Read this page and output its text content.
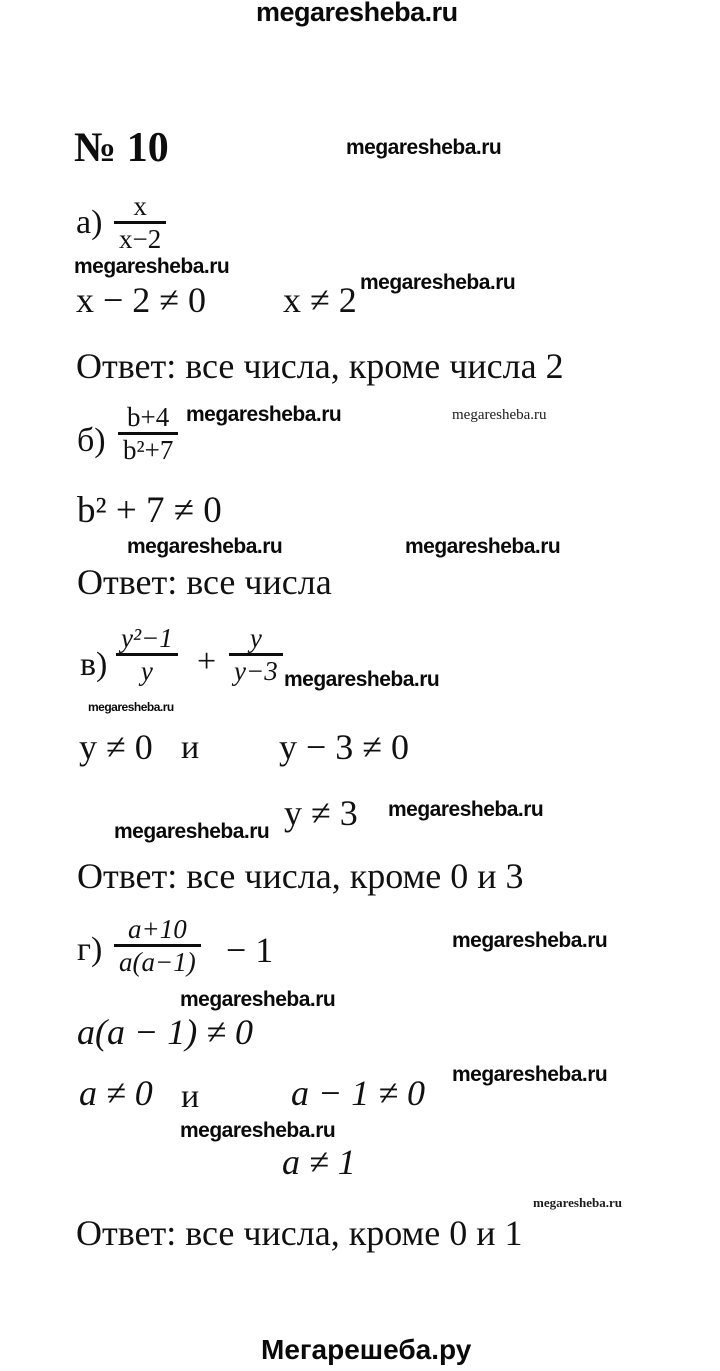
megaresheba.ru
№ 10	megaresheba.ru
$а) \frac{x}{x-2}$
megaresheba.ru
x − 2 ≠ 0 x ≠ 2 megaresheba.ru
Ответ: все числа, кроме числа 2
$б) \frac{b+4}{\text{b²+7}}$ megaresheba.ru	megaresheba.ru
b² + 7 ≠ 0
megaresheba.ru	megaresheba.ru
Ответ: все числа
$в) \frac{\text{y²−1}}{y} + \frac{y}{y-3}$ megaresheba.ru
megaresheba.ru
y ≠ 0 и y − 3 ≠ 0
y ≠ 3 megaresheba.ru
megaresheba.ru
Ответ: все числа, кроме 0 и 3
$г) \frac{a+10}{a(a-1)} - 1$	megaresheba.ru
megaresheba.ru
a(a − 1) ≠ 0
a ≠ 0 и	a − 1 ≠ 0 megaresheba.ru
megaresheba.ru
a ≠ 1
megaresheba.ru
Ответ: все числа, кроме 0 и 1
Мегарешеба.ру
